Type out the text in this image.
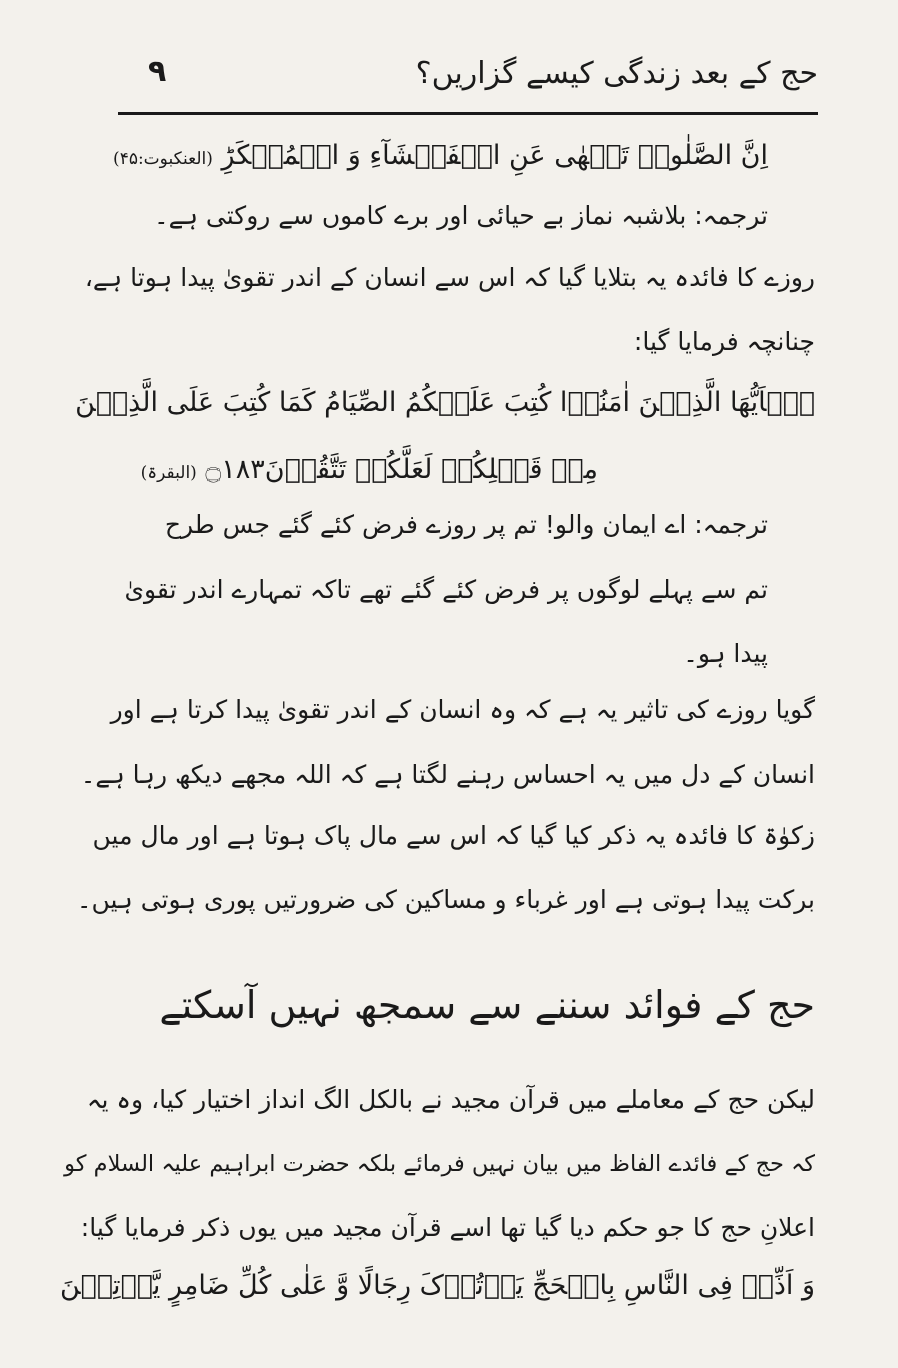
٩	حج کے بعد زندگی کیسے گزاریں؟
اِنَّ الصَّلٰوۃَ تَنۡھٰی عَنِ الۡفَحۡشَآءِ وَ الۡمُنۡکَرِؕ (العنکبوت:۴۵)
ترجمہ: بلاشبہ نماز بے حیائی اور برے کاموں سے روکتی ہے۔
روزے کا فائدہ یہ بتلایا گیا کہ اس سے انسان کے اندر تقویٰ پیدا ہوتا ہے،
چنانچہ فرمایا گیا:
یٰۤاَیُّھَا الَّذِیۡنَ اٰمَنُوۡا کُتِبَ عَلَیۡکُمُ الصِّیَامُ کَمَا کُتِبَ عَلَی الَّذِیۡنَ
مِنۡ قَبۡلِکُمۡ لَعَلَّکُمۡ تَتَّقُوۡنَ۝۱۸۳ (البقرۃ)
ترجمہ: اے ایمان والو! تم پر روزے فرض کئے گئے جس طرح
تم سے پہلے لوگوں پر فرض کئے گئے تھے تاکہ تمہارے اندر تقویٰ
پیدا ہو۔
گویا روزے کی تاثیر یہ ہے کہ وہ انسان کے اندر تقویٰ پیدا کرتا ہے اور
انسان کے دل میں یہ احساس رہنے لگتا ہے کہ اللہ مجھے دیکھ رہا ہے۔
زکوٰۃ کا فائدہ یہ ذکر کیا گیا کہ اس سے مال پاک ہوتا ہے اور مال میں
برکت پیدا ہوتی ہے اور غرباء و مساکین کی ضرورتیں پوری ہوتی ہیں۔
حج کے فوائد سننے سے سمجھ نہیں آسکتے
لیکن حج کے معاملے میں قرآن مجید نے بالکل الگ انداز اختیار کیا، وہ یہ
کہ حج کے فائدے الفاظ میں بیان نہیں فرمائے بلکہ حضرت ابراہیم علیہ السلام کو
اعلانِ حج کا جو حکم دیا گیا تھا اسے قرآن مجید میں یوں ذکر فرمایا گیا:
وَ اَذِّنۡ فِی النَّاسِ بِالۡحَجِّ یَاۡتُوۡکَ رِجَالًا وَّ عَلٰی کُلِّ ضَامِرٍ یَّاۡتِیۡنَ
